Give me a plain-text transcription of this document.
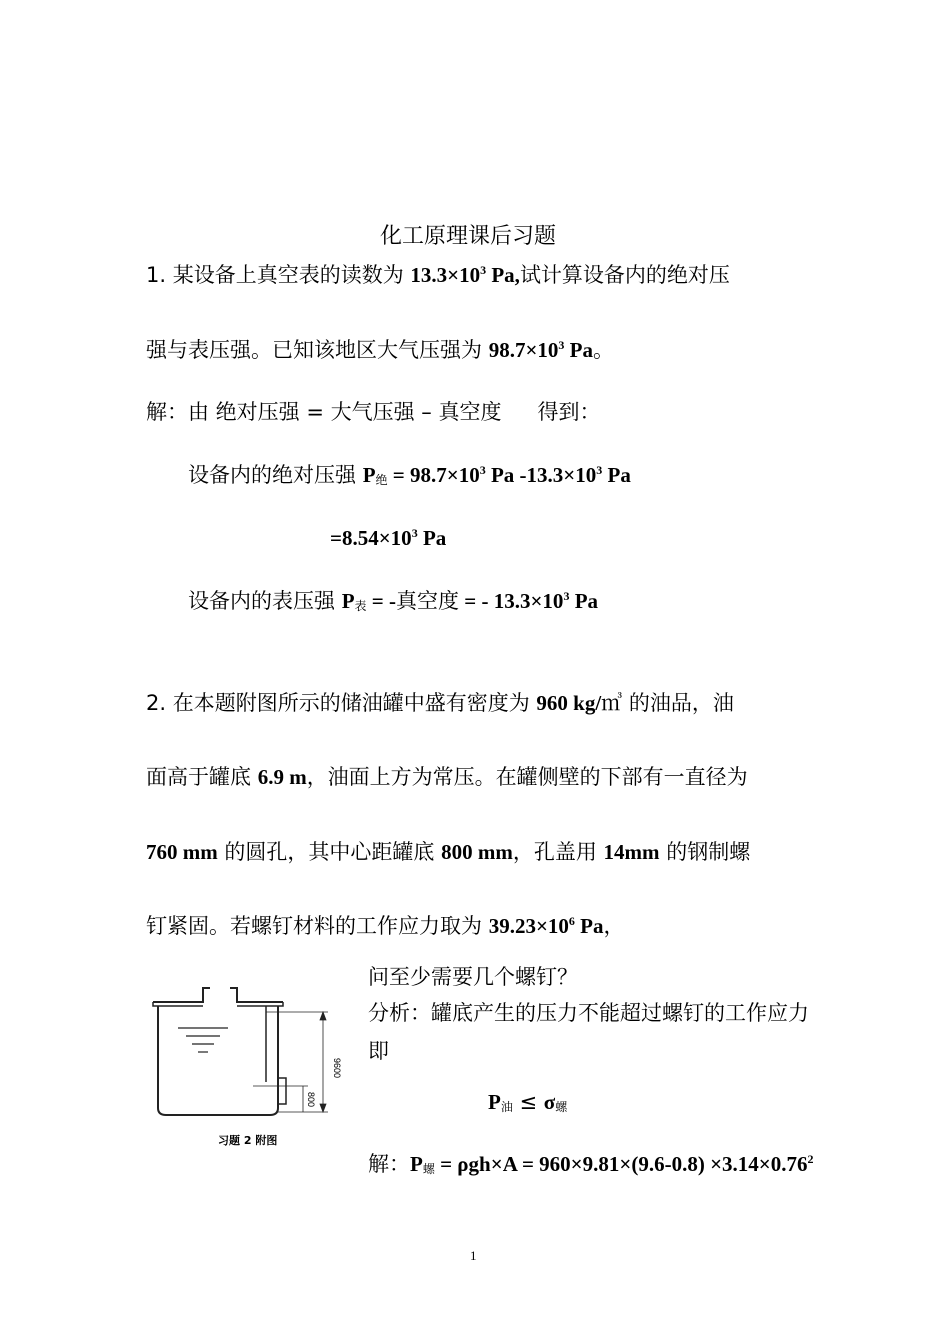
化工原理课后习题
1. 某设备上真空表的读数为 $13.3\times 10^3$ Pa,试计算设备内的绝对压
强与表压强。已知该地区大气压强为 $98.7\times 10^3$ Pa。
解：由 绝对压强 = 大气压强 – 真空度 得到：
设备内的绝对压强 P绝 = $98.7\times 10^3$ Pa $-13.3\times 10^3$ Pa
$=8.54\times 10^3$ Pa
设备内的表压强 P表 = -真空度 = - $13.3\times 10^3$ Pa
2. 在本题附图所示的储油罐中盛有密度为 960 kg/㎥ 的油品，油
面高于罐底 6.9 m，油面上方为常压。在罐侧壁的下部有一直径为
760 mm 的圆孔，其中心距罐底 800 mm，孔盖用 14mm 的钢制螺
钉紧固。若螺钉材料的工作应力取为 $39.23\times 10^6$ Pa，
问至少需要几个螺钉？
分析：罐底产生的压力不能超过螺钉的工作应力
即
P油 ≤ σ螺
解：P螺 = $\rho gh\times A = 960\times 9.81\times(9.6-0.8) \times 3.14\times 0.76^2$
9600
800
习题 2 附图
1
